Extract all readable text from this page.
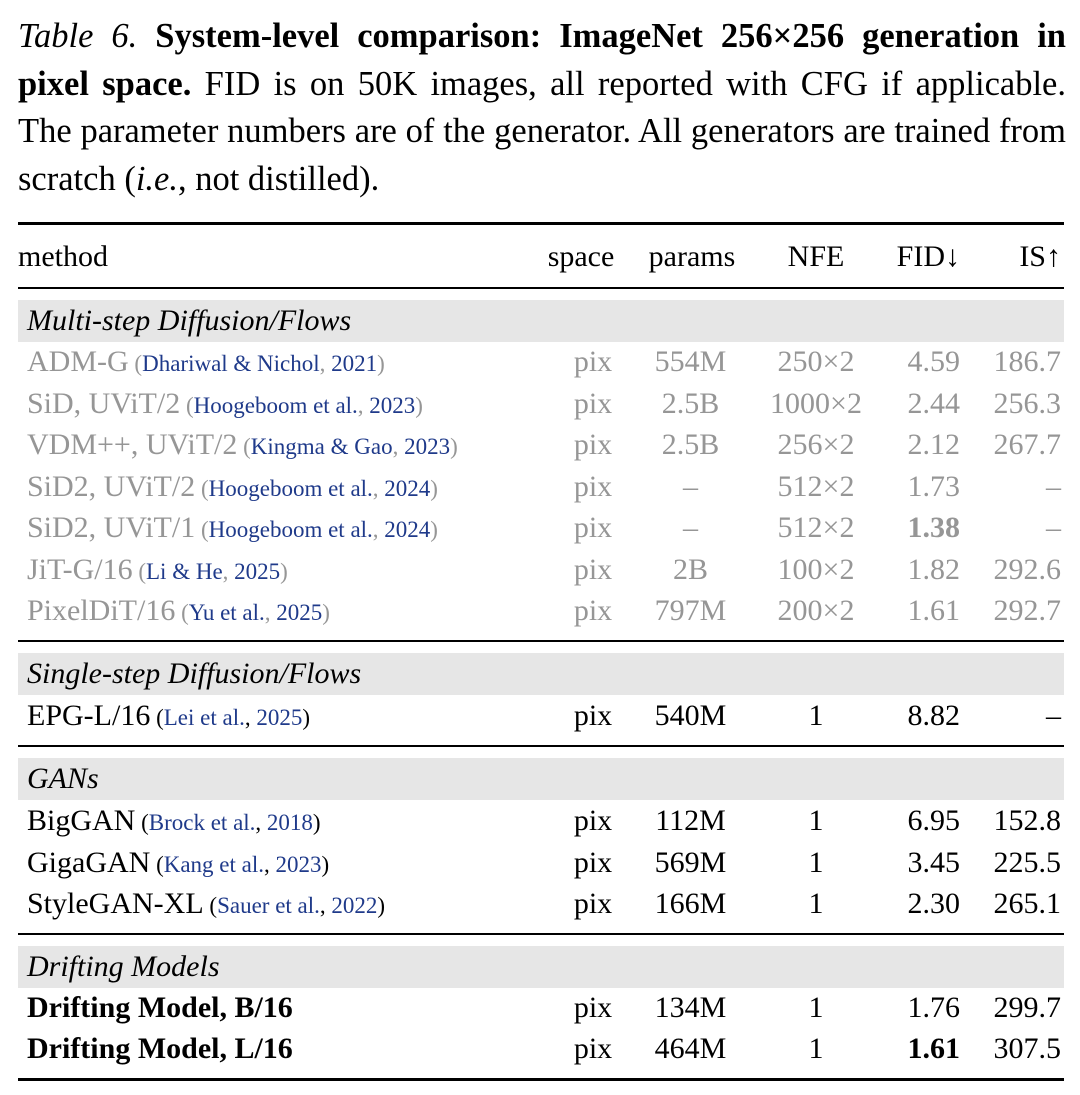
Table 6. System-level comparison: ImageNet 256×256 generation in pixel space. FID is on 50K images, all reported with CFG if applicable. The parameter numbers are of the generator. All generators are trained from scratch (i.e., not distilled).
method	space	params	NFE	FID↓	IS↑
Multi-step Diffusion/Flows
ADM-G (Dhariwal & Nichol, 2021)	pix	554M	250×2	4.59	186.7
SiD, UViT/2 (Hoogeboom et al., 2023)	pix	2.5B	1000×2	2.44	256.3
VDM++, UViT/2 (Kingma & Gao, 2023)	pix	2.5B	256×2	2.12	267.7
SiD2, UViT/2 (Hoogeboom et al., 2024)	pix	–	512×2	1.73	–
SiD2, UViT/1 (Hoogeboom et al., 2024)	pix	–	512×2	1.38	–
JiT-G/16 (Li & He, 2025)	pix	2B	100×2	1.82	292.6
PixelDiT/16 (Yu et al., 2025)	pix	797M	200×2	1.61	292.7
Single-step Diffusion/Flows
EPG-L/16 (Lei et al., 2025)	pix	540M	1	8.82	–
GANs
BigGAN (Brock et al., 2018)	pix	112M	1	6.95	152.8
GigaGAN (Kang et al., 2023)	pix	569M	1	3.45	225.5
StyleGAN-XL (Sauer et al., 2022)	pix	166M	1	2.30	265.1
Drifting Models
Drifting Model, B/16	pix	134M	1	1.76	299.7
Drifting Model, L/16	pix	464M	1	1.61	307.5
